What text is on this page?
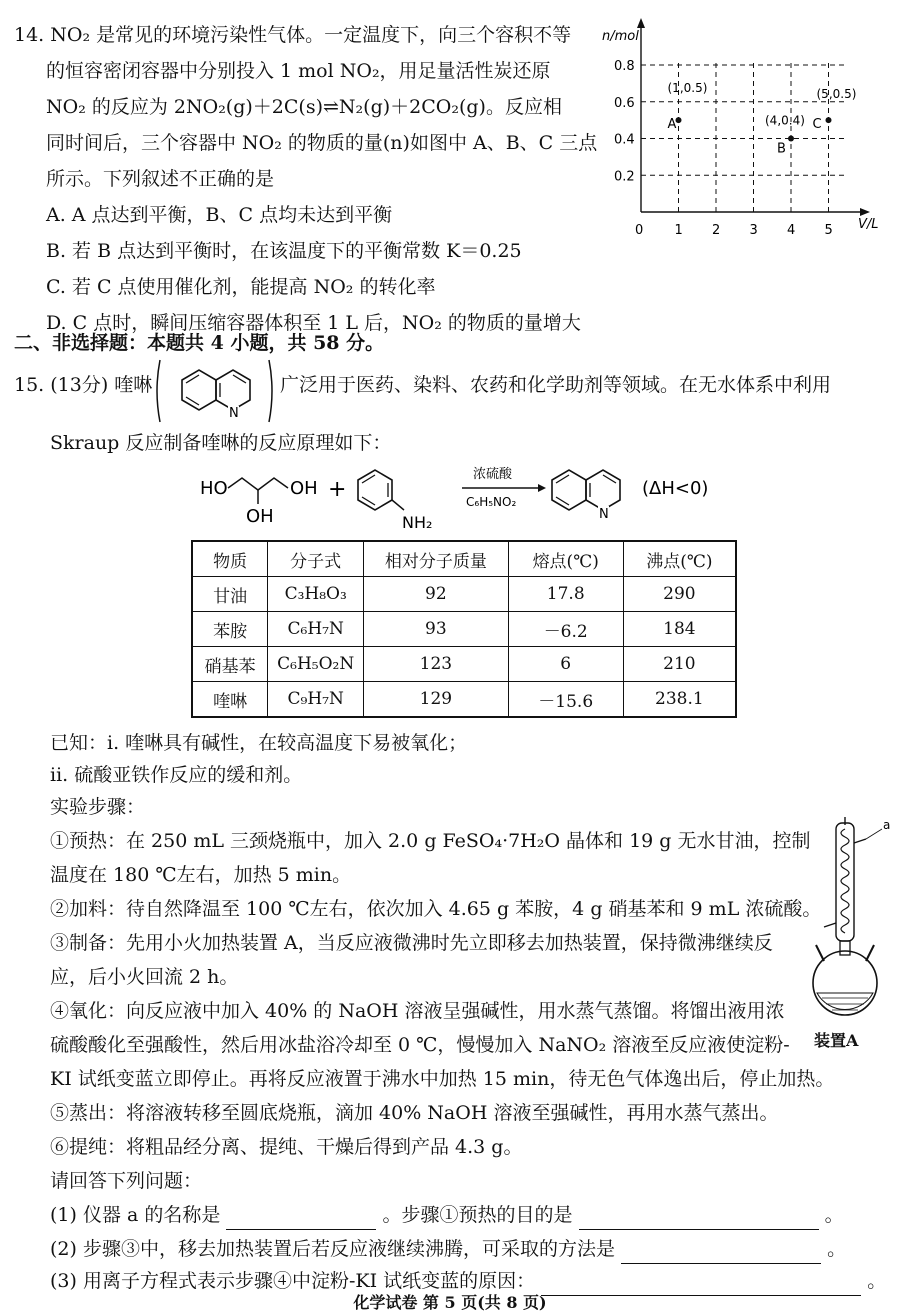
14. NO₂ 是常见的环境污染性气体。一定温度下，向三个容积不等
的恒容密闭容器中分别投入 1 mol NO₂，用足量活性炭还原
NO₂ 的反应为 2NO₂(g)＋2C(s)⇌N₂(g)＋2CO₂(g)。反应相
同时间后，三个容器中 NO₂ 的物质的量(n)如图中 A、B、C 三点
所示。下列叙述不正确的是
A. A 点达到平衡，B、C 点均未达到平衡
B. 若 B 点达到平衡时，在该温度下的平衡常数 K＝0.25
C. 若 C 点使用催化剂，能提高 NO₂ 的转化率
D. C 点时，瞬间压缩容器体积至 1 L 后，NO₂ 的物质的量增大
0.2
0.4
0.6
0.8
0 1 2 3 4 5
(1,0.5)
A	(4,0.4)
B
(5,0.5)
C
n/mol
V/L
二、非选择题：本题共 4 小题，共 58 分。
15. (13分) 喹啉
N
广泛用于医药、染料、农药和化学助剂等领域。在无水体系中利用
Skraup 反应制备喹啉的反应原理如下：
HO	OH
OH
+
NH₂
浓硫酸
C₆H₅NO₂
N
(ΔH<0)
物质	分子式	相对分子质量	熔点(℃)	沸点(℃)
甘油	C₃H₈O₃	92	17.8	290
苯胺	C₆H₇N	93	－6.2	184
硝基苯	C₆H₅O₂N	123	6	210
喹啉	C₉H₇N	129	－15.6	238.1
已知：ⅰ. 喹啉具有碱性，在较高温度下易被氧化；
ⅱ. 硫酸亚铁作反应的缓和剂。
实验步骤：
①预热：在 250 mL 三颈烧瓶中，加入 2.0 g FeSO₄·7H₂O 晶体和 19 g 无水甘油，控制
温度在 180 ℃左右，加热 5 min。
②加料：待自然降温至 100 ℃左右，依次加入 4.65 g 苯胺，4 g 硝基苯和 9 mL 浓硫酸。
③制备：先用小火加热装置 A，当反应液微沸时先立即移去加热装置，保持微沸继续反
应，后小火回流 2 h。
④氧化：向反应液中加入 40% 的 NaOH 溶液呈强碱性，用水蒸气蒸馏。将馏出液用浓
硫酸酸化至强酸性，然后用冰盐浴冷却至 0 ℃，慢慢加入 NaNO₂ 溶液至反应液使淀粉-
KI 试纸变蓝立即停止。再将反应液置于沸水中加热 15 min，待无色气体逸出后，停止加热。
⑤蒸出：将溶液转移至圆底烧瓶，滴加 40% NaOH 溶液至强碱性，再用水蒸气蒸出。
⑥提纯：将粗品经分离、提纯、干燥后得到产品 4.3 g。
a
装置A
请回答下列问题：
(1) 仪器 a 的名称是	。步骤①预热的目的是	。
(2) 步骤③中，移去加热装置后若反应液继续沸腾，可采取的方法是	。
(3) 用离子方程式表示步骤④中淀粉-KI 试纸变蓝的原因：	。
化学试卷 第 5 页(共 8 页)
